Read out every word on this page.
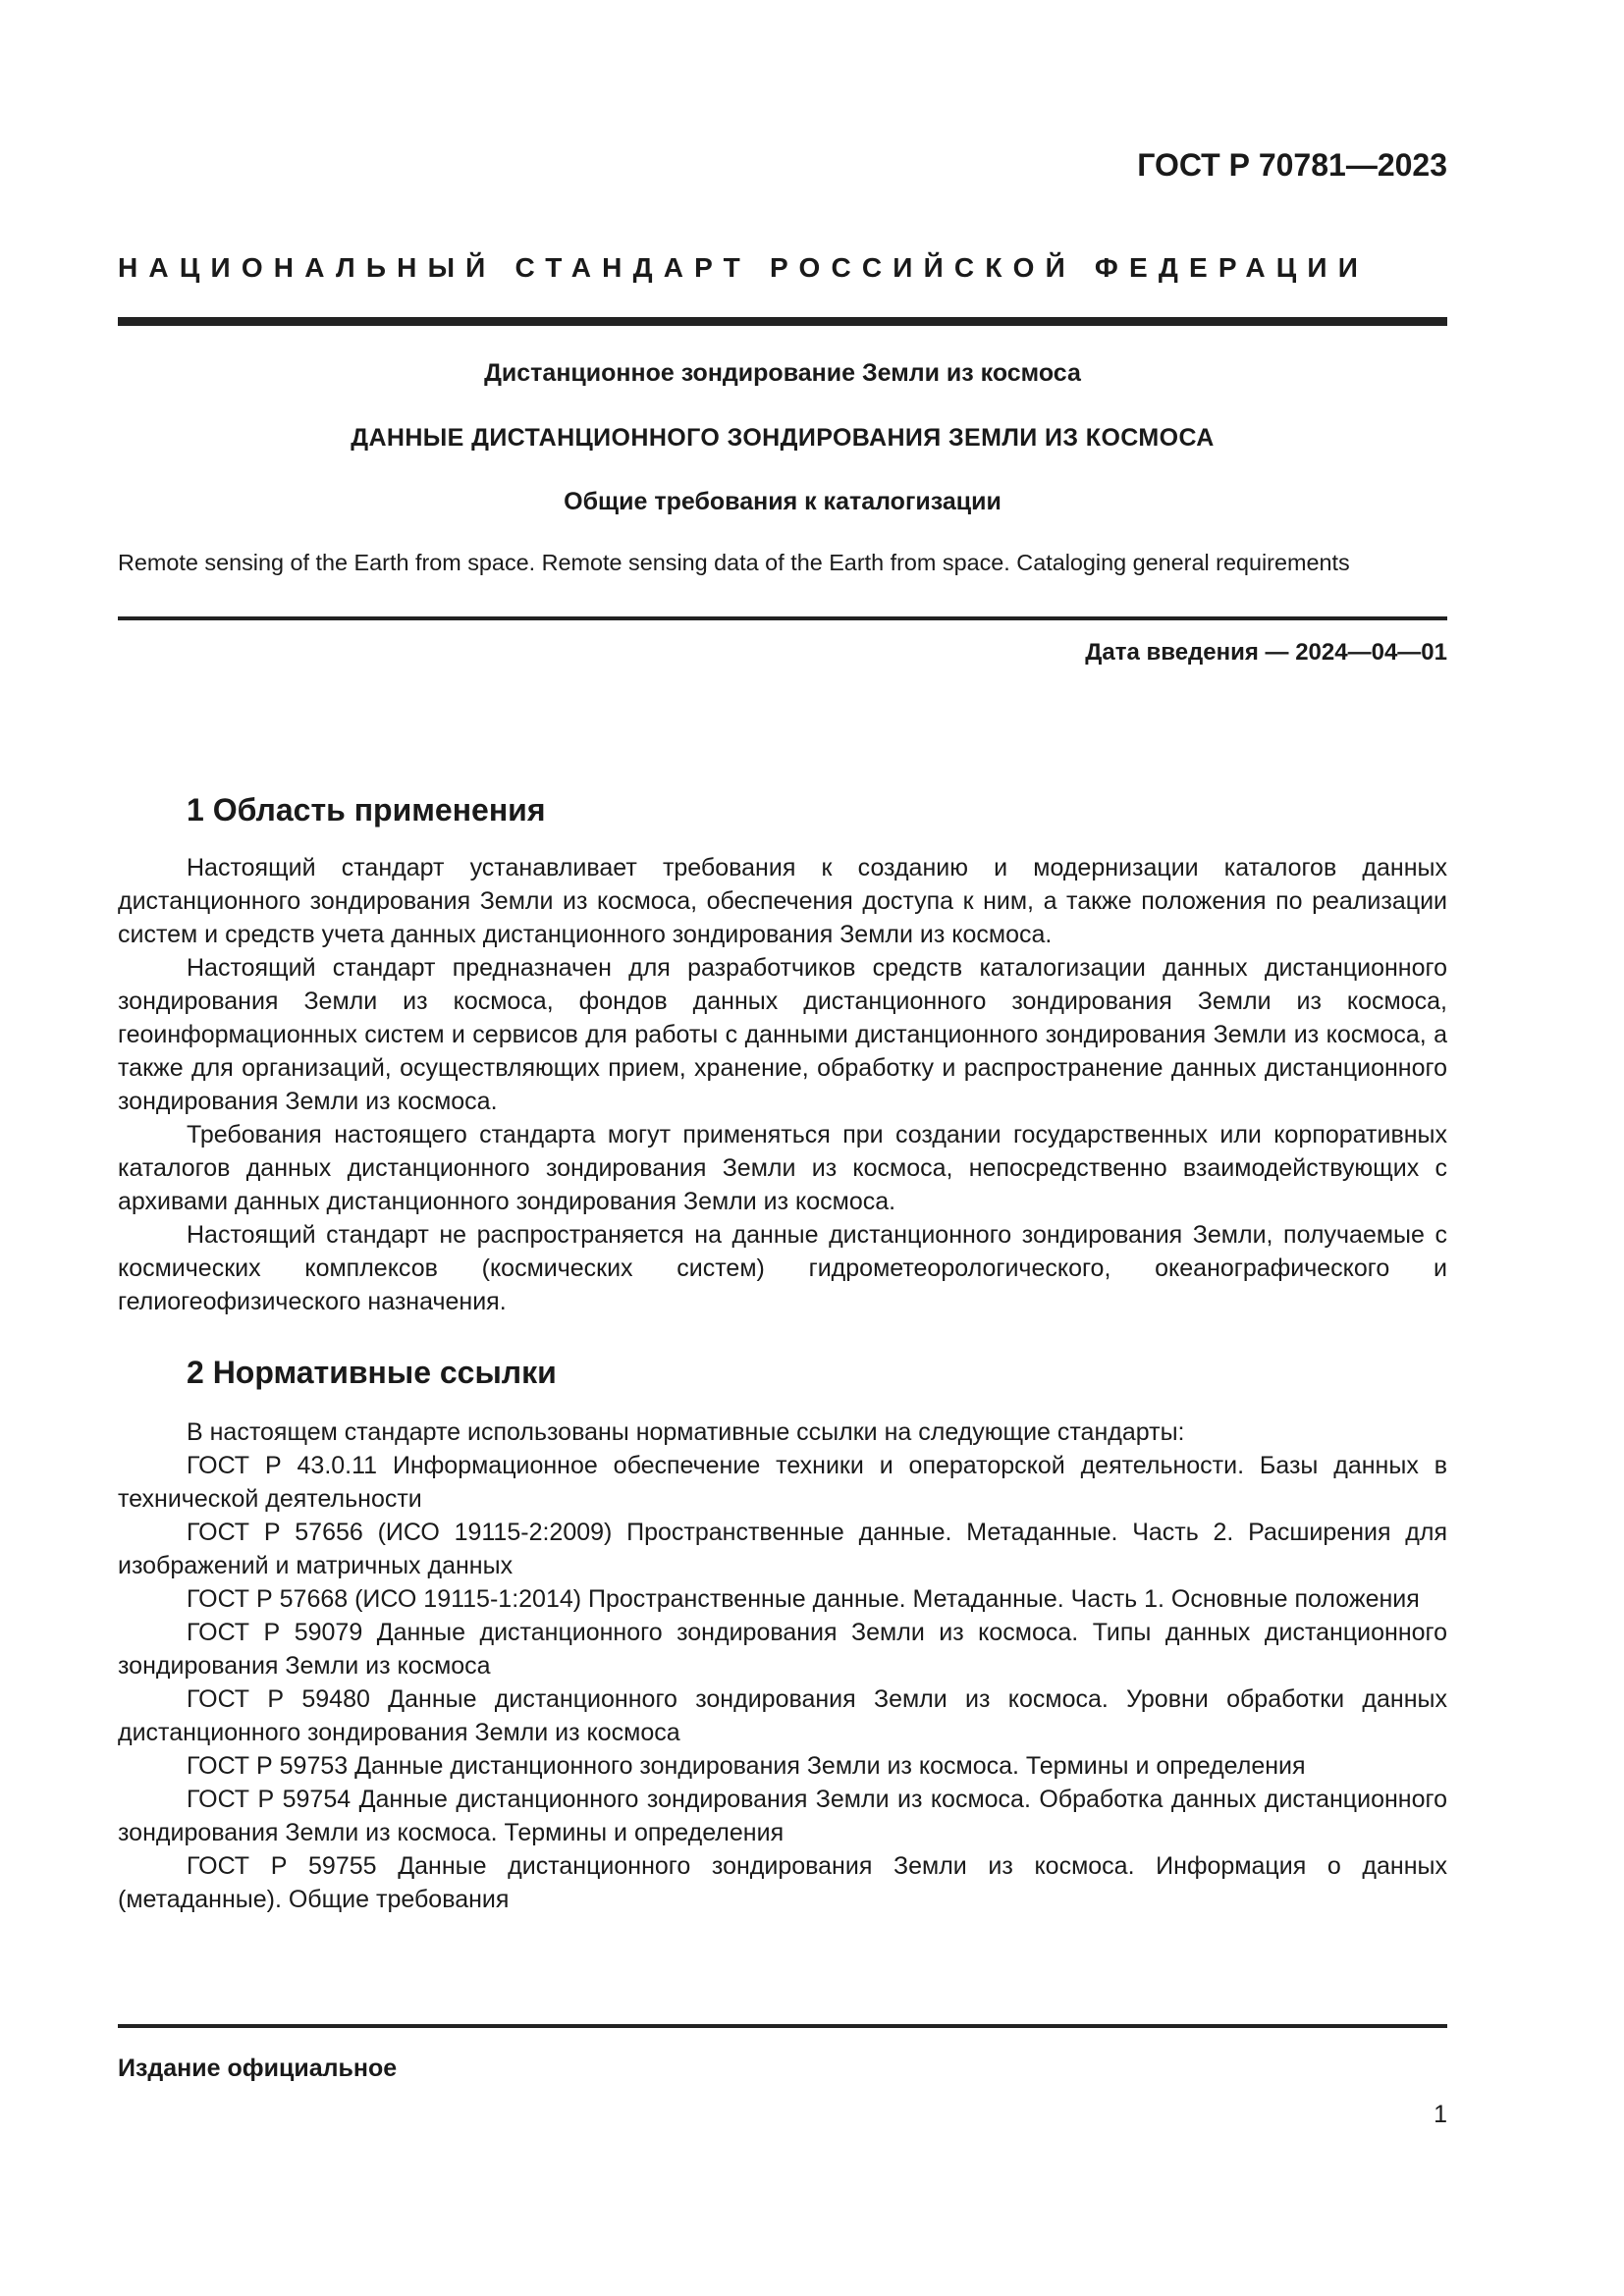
ГОСТ Р 70781—2023

НАЦИОНАЛЬНЫЙ СТАНДАРТ РОССИЙСКОЙ ФЕДЕРАЦИИ

Дистанционное зондирование Земли из космоса

ДАННЫЕ ДИСТАНЦИОННОГО ЗОНДИРОВАНИЯ ЗЕМЛИ ИЗ КОСМОСА

Общие требования к каталогизации

Remote sensing of the Earth from space. Remote sensing data of the Earth from space. Cataloging general requirements

Дата введения — 2024—04—01

1 Область применения

Настоящий стандарт устанавливает требования к созданию и модернизации каталогов данных дистанционного зондирования Земли из космоса, обеспечения доступа к ним, а также положения по реализации систем и средств учета данных дистанционного зондирования Земли из космоса.

Настоящий стандарт предназначен для разработчиков средств каталогизации данных дистанционного зондирования Земли из космоса, фондов данных дистанционного зондирования Земли из космоса, геоинформационных систем и сервисов для работы с данными дистанционного зондирования Земли из космоса, а также для организаций, осуществляющих прием, хранение, обработку и распространение данных дистанционного зондирования Земли из космоса.

Требования настоящего стандарта могут применяться при создании государственных или корпоративных каталогов данных дистанционного зондирования Земли из космоса, непосредственно взаимодействующих с архивами данных дистанционного зондирования Земли из космоса.

Настоящий стандарт не распространяется на данные дистанционного зондирования Земли, получаемые с космических комплексов (космических систем) гидрометеорологического, океанографического и гелиогеофизического назначения.

2 Нормативные ссылки

В настоящем стандарте использованы нормативные ссылки на следующие стандарты:

ГОСТ Р 43.0.11 Информационное обеспечение техники и операторской деятельности. Базы данных в технической деятельности

ГОСТ Р 57656 (ИСО 19115-2:2009) Пространственные данные. Метаданные. Часть 2. Расширения для изображений и матричных данных

ГОСТ Р 57668 (ИСО 19115-1:2014) Пространственные данные. Метаданные. Часть 1. Основные положения

ГОСТ Р 59079 Данные дистанционного зондирования Земли из космоса. Типы данных дистанционного зондирования Земли из космоса

ГОСТ Р 59480 Данные дистанционного зондирования Земли из космоса. Уровни обработки данных дистанционного зондирования Земли из космоса

ГОСТ Р 59753 Данные дистанционного зондирования Земли из космоса. Термины и определения

ГОСТ Р 59754 Данные дистанционного зондирования Земли из космоса. Обработка данных дистанционного зондирования Земли из космоса. Термины и определения

ГОСТ Р 59755 Данные дистанционного зондирования Земли из космоса. Информация о данных (метаданные). Общие требования

Издание официальное

1
